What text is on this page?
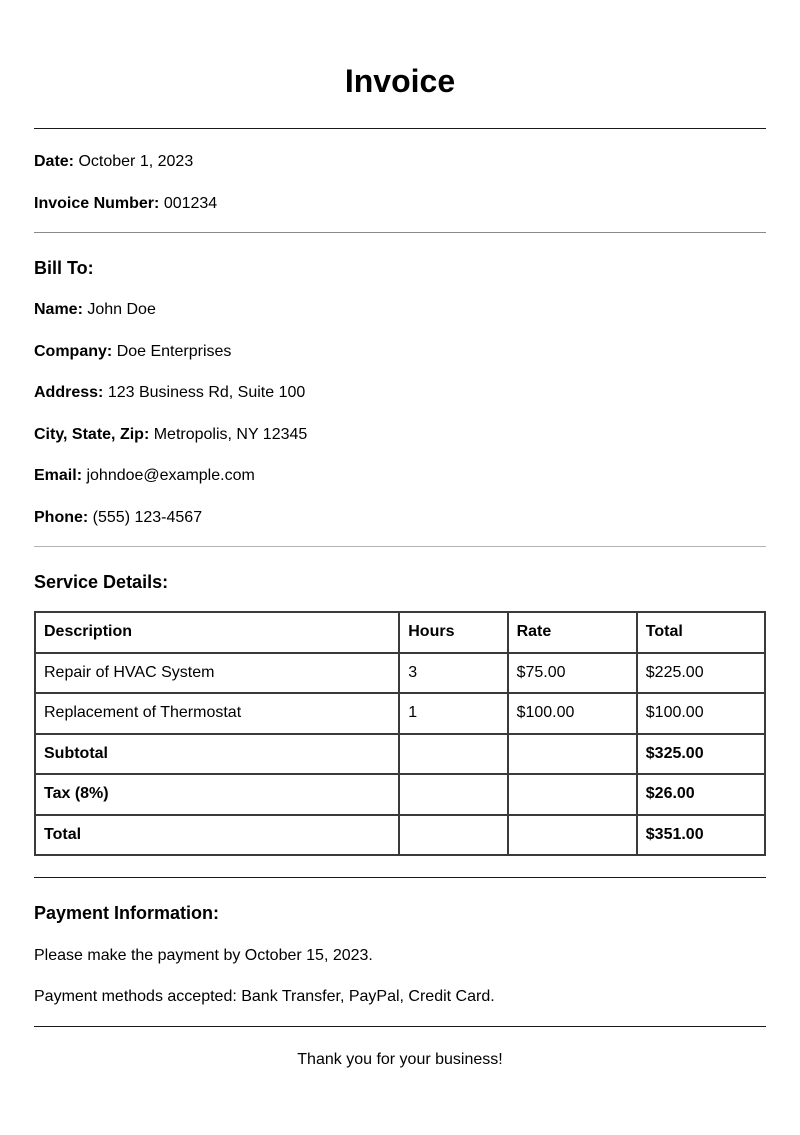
Invoice

Date: October 1, 2023

Invoice Number: 001234

Bill To:

Name: John Doe

Company: Doe Enterprises

Address: 123 Business Rd, Suite 100

City, State, Zip: Metropolis, NY 12345

Email: johndoe@example.com

Phone: (555) 123-4567

Service Details:

Description	Hours	Rate	Total
Repair of HVAC System	3	$75.00	$225.00
Replacement of Thermostat	1	$100.00	$100.00
Subtotal			$325.00
Tax (8%)			$26.00
Total			$351.00

Payment Information:

Please make the payment by October 15, 2023.

Payment methods accepted: Bank Transfer, PayPal, Credit Card.

Thank you for your business!
